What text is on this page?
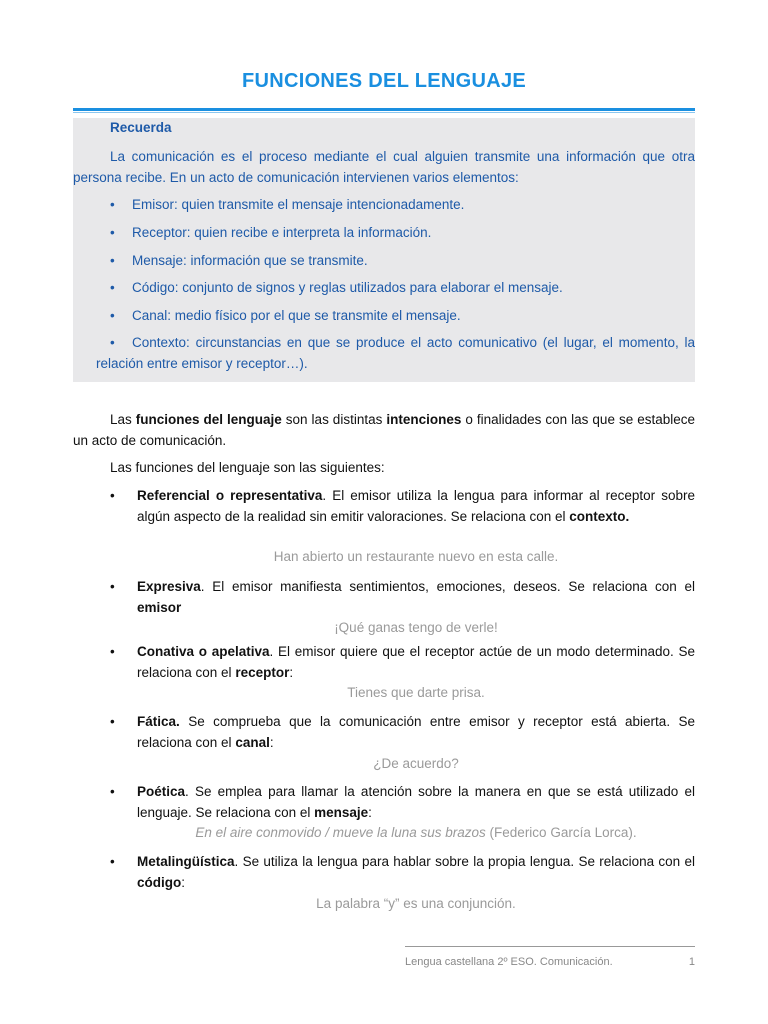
FUNCIONES DEL LENGUAJE
Recuerda
La comunicación es el proceso mediante el cual alguien transmite una información que otra persona recibe. En un acto de comunicación intervienen varios elementos:
• Emisor: quien transmite el mensaje intencionadamente.
• Receptor: quien recibe e interpreta la información.
• Mensaje: información que se transmite.
• Código: conjunto de signos y reglas utilizados para elaborar el mensaje.
• Canal: medio físico por el que se transmite el mensaje.
• Contexto: circunstancias en que se produce el acto comunicativo (el lugar, el momento, la relación entre emisor y receptor…).
Las funciones del lenguaje son las distintas intenciones o finalidades con las que se establece un acto de comunicación.
Las funciones del lenguaje son las siguientes:
• Referencial o representativa. El emisor utiliza la lengua para informar al receptor sobre algún aspecto de la realidad sin emitir valoraciones. Se relaciona con el contexto.
Han abierto un restaurante nuevo en esta calle.
• Expresiva. El emisor manifiesta sentimientos, emociones, deseos. Se relaciona con el emisor
¡Qué ganas tengo de verle!
• Conativa o apelativa. El emisor quiere que el receptor actúe de un modo determinado. Se relaciona con el receptor:
Tienes que darte prisa.
• Fática. Se comprueba que la comunicación entre emisor y receptor está abierta. Se relaciona con el canal:
¿De acuerdo?
• Poética. Se emplea para llamar la atención sobre la manera en que se está utilizado el lenguaje. Se relaciona con el mensaje:
En el aire conmovido / mueve la luna sus brazos (Federico García Lorca).
• Metalingüística. Se utiliza la lengua para hablar sobre la propia lengua. Se relaciona con el código:
La palabra “y” es una conjunción.
Lengua castellana 2º ESO. Comunicación.	1
